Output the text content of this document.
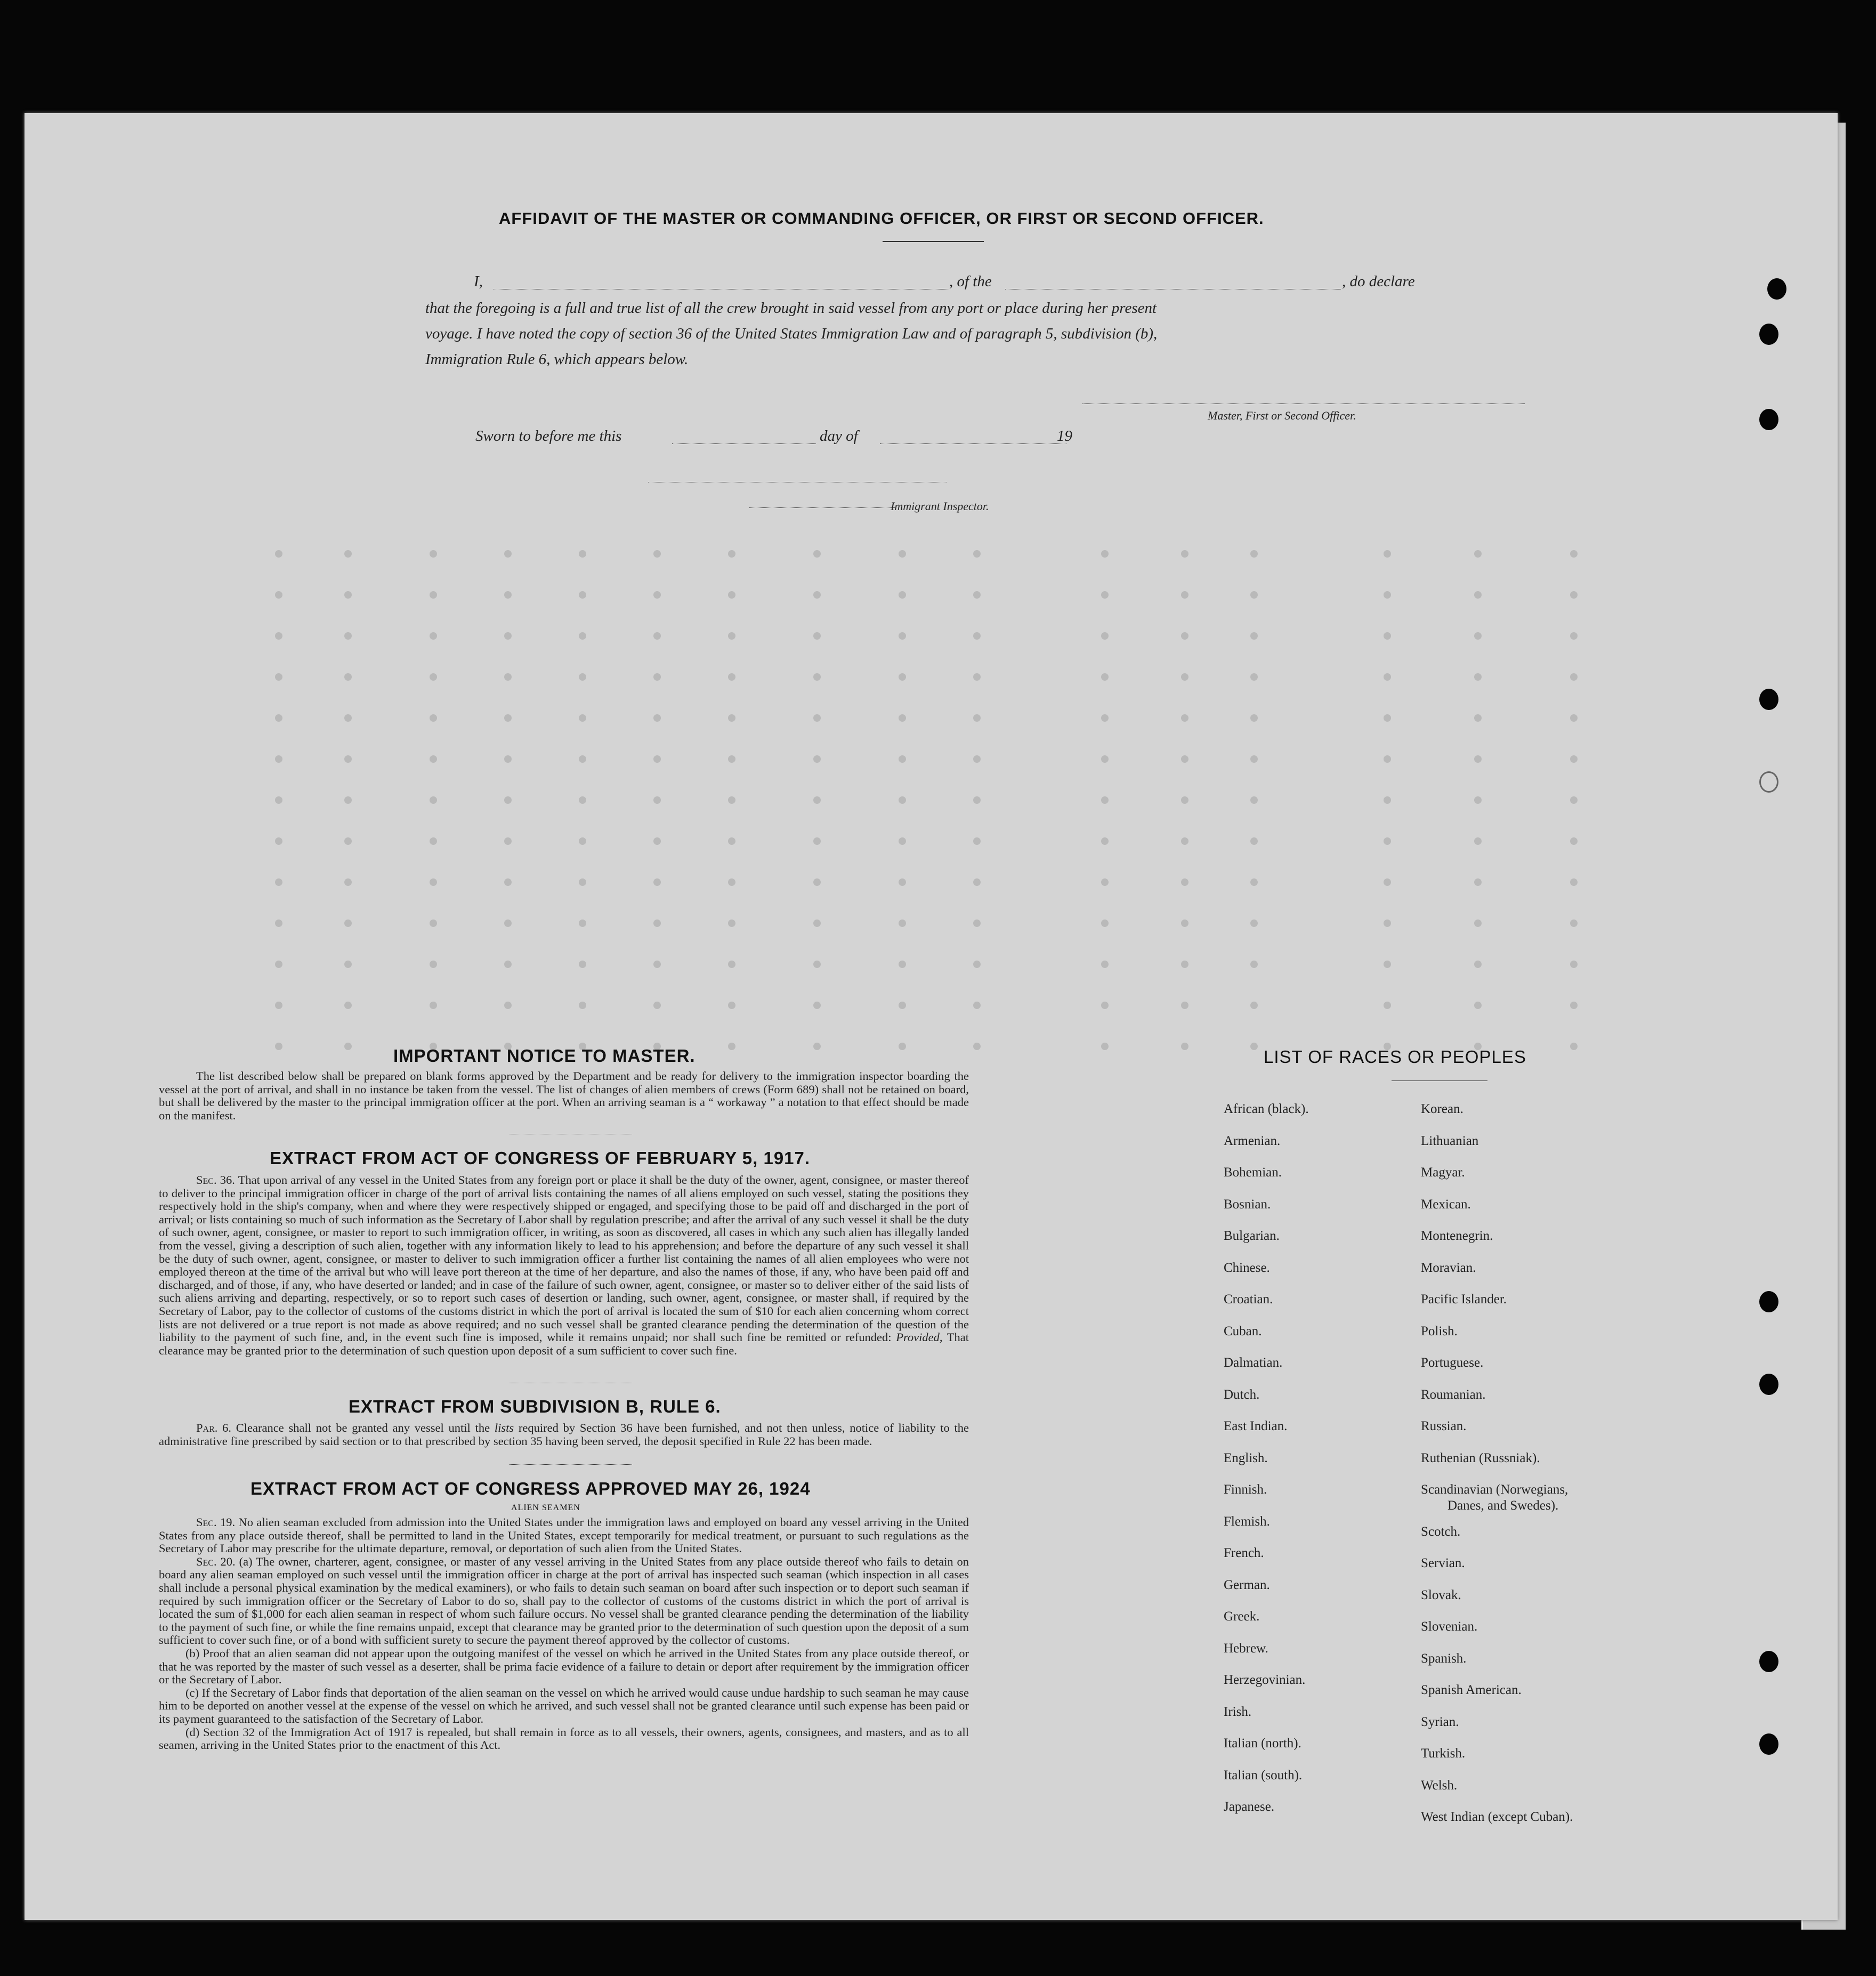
AFFIDAVIT OF THE MASTER OR COMMANDING OFFICER, OR FIRST OR SECOND OFFICER.
I,	, of the	, do declare
that the foregoing is a full and true list of all the crew brought in said vessel from any port or place during her present
voyage. I have noted the copy of section 36 of the United States Immigration Law and of paragraph 5, subdivision (b),
Immigration Rule 6, which appears below.
Master, First or Second Officer.
Sworn to before me this	day of	19
Immigrant Inspector.
IMPORTANT NOTICE TO MASTER.
The list described below shall be prepared on blank forms approved by the Department and be ready for delivery to the immigration inspector boarding the vessel at the port of arrival, and shall in no instance be taken from the vessel. The list of changes of alien members of crews (Form 689) shall not be retained on board, but shall be delivered by the master to the principal immigration officer at the port. When an arriving seaman is a “ workaway ” a notation to that effect should be made on the manifest.
EXTRACT FROM ACT OF CONGRESS OF FEBRUARY 5, 1917.
Sec. 36. That upon arrival of any vessel in the United States from any foreign port or place it shall be the duty of the owner, agent, consignee, or master thereof to deliver to the principal immigration officer in charge of the port of arrival lists containing the names of all aliens employed on such vessel, stating the positions they respectively hold in the ship's company, when and where they were respectively shipped or engaged, and specifying those to be paid off and discharged in the port of arrival; or lists containing so much of such information as the Secretary of Labor shall by regulation prescribe; and after the arrival of any such vessel it shall be the duty of such owner, agent, consignee, or master to report to such immigration officer, in writing, as soon as discovered, all cases in which any such alien has illegally landed from the vessel, giving a description of such alien, together with any information likely to lead to his apprehension; and before the departure of any such vessel it shall be the duty of such owner, agent, consignee, or master to deliver to such immigration officer a further list containing the names of all alien employees who were not employed thereon at the time of the arrival but who will leave port thereon at the time of her departure, and also the names of those, if any, who have been paid off and discharged, and of those, if any, who have deserted or landed; and in case of the failure of such owner, agent, consignee, or master so to deliver either of the said lists of such aliens arriving and departing, respectively, or so to report such cases of desertion or landing, such owner, agent, consignee, or master shall, if required by the Secretary of Labor, pay to the collector of customs of the customs district in which the port of arrival is located the sum of $10 for each alien concerning whom correct lists are not delivered or a true report is not made as above required; and no such vessel shall be granted clearance pending the determination of the question of the liability to the payment of such fine, and, in the event such fine is imposed, while it remains unpaid; nor shall such fine be remitted or refunded: Provided, That clearance may be granted prior to the determination of such question upon deposit of a sum sufficient to cover such fine.
EXTRACT FROM SUBDIVISION B, RULE 6.
Par. 6. Clearance shall not be granted any vessel until the lists required by Section 36 have been furnished, and not then unless, notice of liability to the administrative fine prescribed by said section or to that prescribed by section 35 having been served, the deposit specified in Rule 22 has been made.
EXTRACT FROM ACT OF CONGRESS APPROVED MAY 26, 1924
ALIEN SEAMEN
Sec. 19. No alien seaman excluded from admission into the United States under the immigration laws and employed on board any vessel arriving in the United States from any place outside thereof, shall be permitted to land in the United States, except temporarily for medical treatment, or pursuant to such regulations as the Secretary of Labor may prescribe for the ultimate departure, removal, or deportation of such alien from the United States.
Sec. 20. (a) The owner, charterer, agent, consignee, or master of any vessel arriving in the United States from any place outside thereof who fails to detain on board any alien seaman employed on such vessel until the immigration officer in charge at the port of arrival has inspected such seaman (which inspection in all cases shall include a personal physical examination by the medical examiners), or who fails to detain such seaman on board after such inspection or to deport such seaman if required by such immigration officer or the Secretary of Labor to do so, shall pay to the collector of customs of the customs district in which the port of arrival is located the sum of $1,000 for each alien seaman in respect of whom such failure occurs. No vessel shall be granted clearance pending the determination of the liability to the payment of such fine, or while the fine remains unpaid, except that clearance may be granted prior to the determination of such question upon the deposit of a sum sufficient to cover such fine, or of a bond with sufficient surety to secure the payment thereof approved by the collector of customs.
(b) Proof that an alien seaman did not appear upon the outgoing manifest of the vessel on which he arrived in the United States from any place outside thereof, or that he was reported by the master of such vessel as a deserter, shall be prima facie evidence of a failure to detain or deport after requirement by the immigration officer or the Secretary of Labor.
(c) If the Secretary of Labor finds that deportation of the alien seaman on the vessel on which he arrived would cause undue hardship to such seaman he may cause him to be deported on another vessel at the expense of the vessel on which he arrived, and such vessel shall not be granted clearance until such expense has been paid or its payment guaranteed to the satisfaction of the Secretary of Labor.
(d) Section 32 of the Immigration Act of 1917 is repealed, but shall remain in force as to all vessels, their owners, agents, consignees, and masters, and as to all seamen, arriving in the United States prior to the enactment of this Act.
LIST OF RACES OR PEOPLES
African (black).
Armenian.
Bohemian.
Bosnian.
Bulgarian.
Chinese.
Croatian.
Cuban.
Dalmatian.
Dutch.
East Indian.
English.
Finnish.
Flemish.
French.
German.
Greek.
Hebrew.
Herzegovinian.
Irish.
Italian (north).
Italian (south).
Japanese.
Korean.
Lithuanian
Magyar.
Mexican.
Montenegrin.
Moravian.
Pacific Islander.
Polish.
Portuguese.
Roumanian.
Russian.
Ruthenian (Russniak).
Scandinavian (Norwegians,
Danes, and Swedes).
Scotch.
Servian.
Slovak.
Slovenian.
Spanish.
Spanish American.
Syrian.
Turkish.
Welsh.
West Indian (except Cuban).
